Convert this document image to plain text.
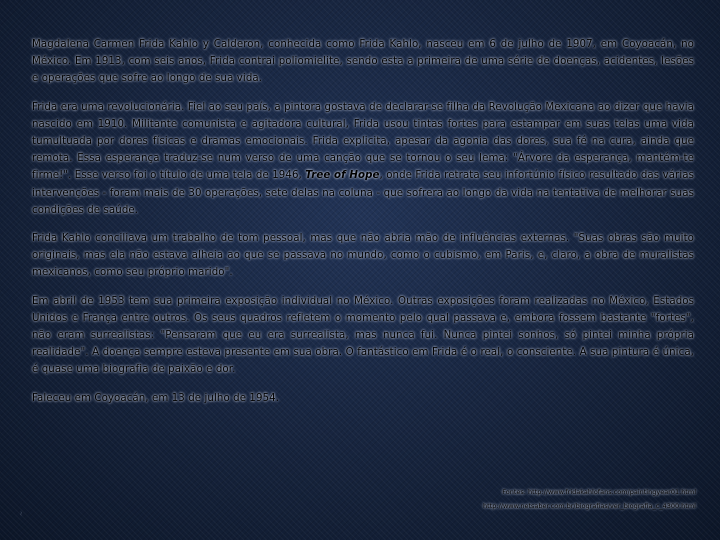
Magdalena Carmen Frida Kahlo y Calderon, conhecida como Frida Kahlo, nasceu em 6 de julho de 1907, em Coyoacán, no México. Em 1913, com seis anos, Frida contrai poliomielite, sendo esta a primeira de uma série de doenças, acidentes, lesões e operações que sofre ao longo de sua vida.

Frida era uma revolucionária. Fiel ao seu país, a pintora gostava de declarar-se filha da Revolução Mexicana ao dizer que havia nascido em 1910. Militante comunista e agitadora cultural, Frida usou tintas fortes para estampar em suas telas uma vida tumultuada por dores físicas e dramas emocionais. Frida explicita, apesar da agonia das dores, sua fé na cura, ainda que remota. Essa esperança traduz-se num verso de uma canção que se tornou o seu lema: "Árvore da esperança, mantém-te firme!". Esse verso foi o título de uma tela de 1946, Tree of Hope, onde Frida retrata seu infortúnio físico resultado das várias intervenções - foram mais de 30 operações, sete delas na coluna - que sofrera ao longo da vida na tentativa de melhorar suas condições de saúde.

Frida Kahlo conciliava um trabalho de tom pessoal, mas que não abria mão de influências externas. "Suas obras são muito originais, mas ela não estava alheia ao que se passava no mundo, como o cubismo, em Paris, e, claro, a obra de muralistas mexicanos, como seu próprio marido".

Em abril de 1953 tem sua primeira exposição individual no México. Outras exposições foram realizadas no México, Estados Unidos e França entre outros. Os seus quadros refletem o momento pelo qual passava e, embora fossem bastante "fortes", não eram surrealistas: "Pensaram que eu era surrealista, mas nunca fui. Nunca pintei sonhos, só pintei minha própria realidade". A doença sempre esteva presente em sua obra. O fantástico em Frida é o real, o consciente. A sua pintura é única, é quase uma biografia de paixão e dor.

Faleceu em Coyoacán, em 13 de julho de 1954.

~
Fontes: http://www.fridakahlofans.com/paintingyear01.html
http://www.netsaber.com.br/biografias/ver_biografia_c_4300.html
